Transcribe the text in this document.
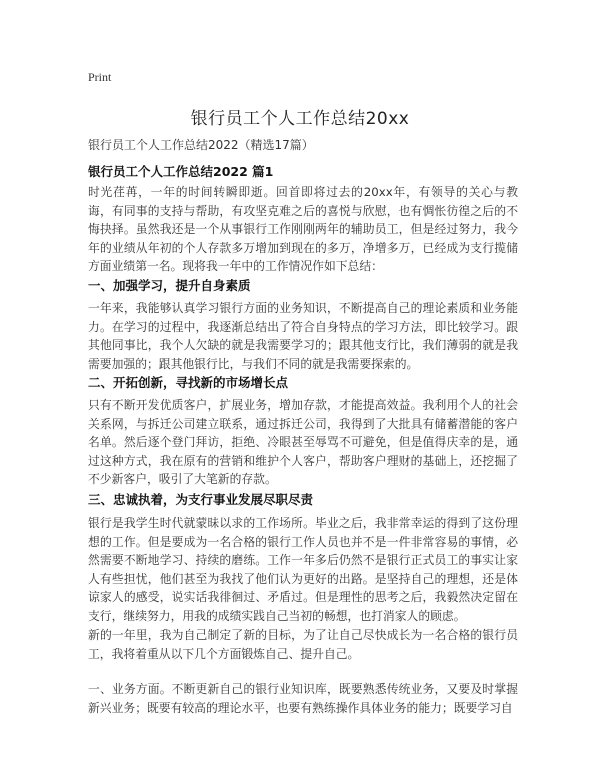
Print
银行员工个人工作总结20xx
银行员工个人工作总结2022（精选17篇）
银行员工个人工作总结2022 篇1

时光荏苒，一年的时间转瞬即逝。回首即将过去的20xx年，有领导的关心与教诲，有同事的支持与帮助，有攻坚克难之后的喜悦与欣慰，也有惆怅彷徨之后的不悔抉择。虽然我还是一个从事银行工作刚刚两年的辅助员工，但是经过努力，我今年的业绩从年初的个人存款多万增加到现在的多万，净增多万，已经成为支行揽储方面业绩第一名。现将我一年中的工作情况作如下总结：

一、加强学习，提升自身素质

一年来，我能够认真学习银行方面的业务知识，不断提高自己的理论素质和业务能力。在学习的过程中，我逐渐总结出了符合自身特点的学习方法，即比较学习。跟其他同事比，我个人欠缺的就是我需要学习的；跟其他支行比，我们薄弱的就是我需要加强的；跟其他银行比，与我们不同的就是我需要探索的。

二、开拓创新，寻找新的市场增长点

只有不断开发优质客户，扩展业务，增加存款，才能提高效益。我利用个人的社会关系网，与拆迁公司建立联系，通过拆迁公司，我得到了大批具有储蓄潜能的客户名单。然后逐个登门拜访，拒绝、冷眼甚至辱骂不可避免，但是值得庆幸的是，通过这种方式，我在原有的营销和维护个人客户，帮助客户理财的基础上，还挖掘了不少新客户，吸引了大笔新的存款。

三、忠诚执着，为支行事业发展尽职尽责

银行是我学生时代就蒙昧以求的工作场所。毕业之后，我非常幸运的得到了这份理想的工作。但是要成为一名合格的银行工作人员也并不是一件非常容易的事情，必然需要不断地学习、持续的磨练。工作一年多后仍然不是银行正式员工的事实让家人有些担忧，他们甚至为我找了他们认为更好的出路。是坚持自己的理想，还是体谅家人的感受，说实话我徘徊过、矛盾过。但是理性的思考之后，我毅然决定留在支行，继续努力，用我的成绩实践自己当初的畅想，也打消家人的顾虑。

新的一年里，我为自己制定了新的目标，为了让自己尽快成长为一名合格的银行员工，我将着重从以下几个方面锻炼自己、提升自己。

一、业务方面。不断更新自己的银行业知识库，既要熟悉传统业务，又要及时掌握新兴业务；既要有较高的理论水平，也要有熟练操作具体业务的能力；既要学习自
